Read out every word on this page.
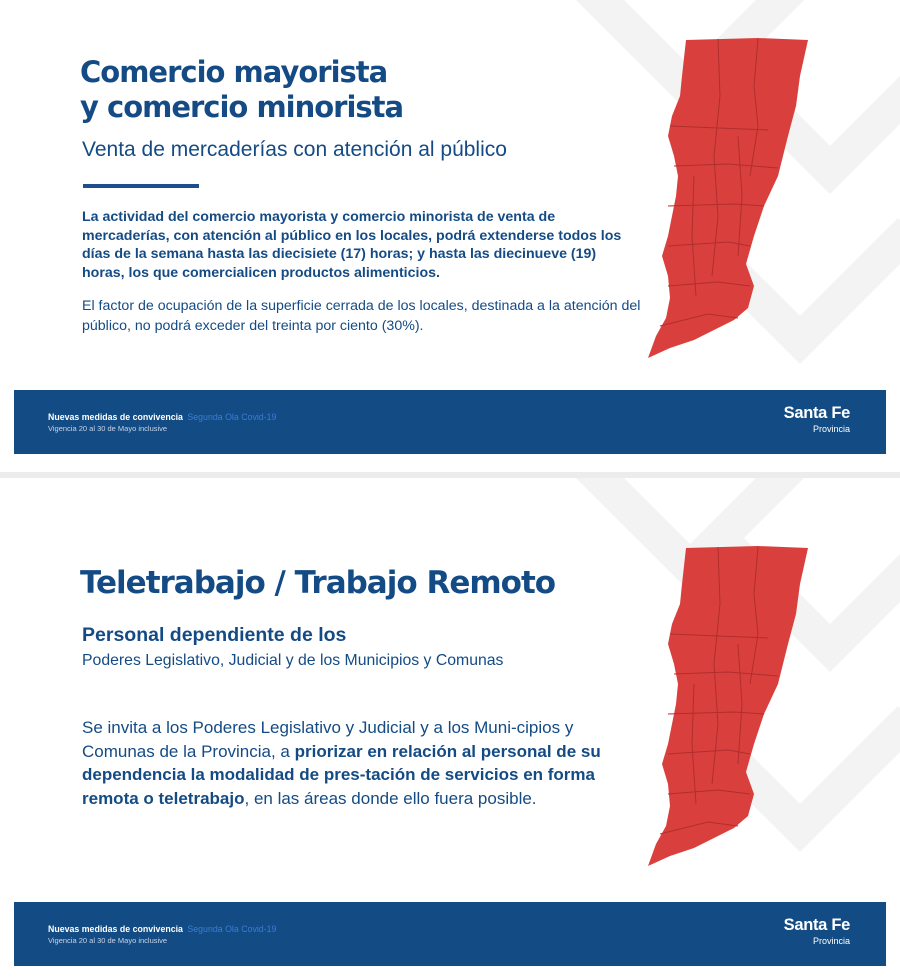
Comercio mayorista
y comercio minorista
Venta de mercaderías con atención al público

La actividad del comercio mayorista y comercio minorista de venta de mercaderías, con atención al público en los locales, podrá extenderse todos los días de la semana hasta las diecisiete (17) horas; y hasta las diecinueve (19) horas, los que comercialicen productos alimenticios.

El factor de ocupación de la superficie cerrada de los locales, destinada a la atención del público, no podrá exceder del treinta por ciento (30%).

Nuevas medidas de convivencia Segunda Ola Covid-19
Vigencia 20 al 30 de Mayo inclusive
Santa Fe
Provincia
Teletrabajo / Trabajo Remoto
Personal dependiente de los
Poderes Legislativo, Judicial y de los Municipios y Comunas

Se invita a los Poderes Legislativo y Judicial y a los Muni-cipios y Comunas de la Provincia, a priorizar en relación al personal de su dependencia la modalidad de pres-tación de servicios en forma remota o teletrabajo, en las áreas donde ello fuera posible.

Nuevas medidas de convivencia Segunda Ola Covid-19
Vigencia 20 al 30 de Mayo inclusive
Santa Fe
Provincia
